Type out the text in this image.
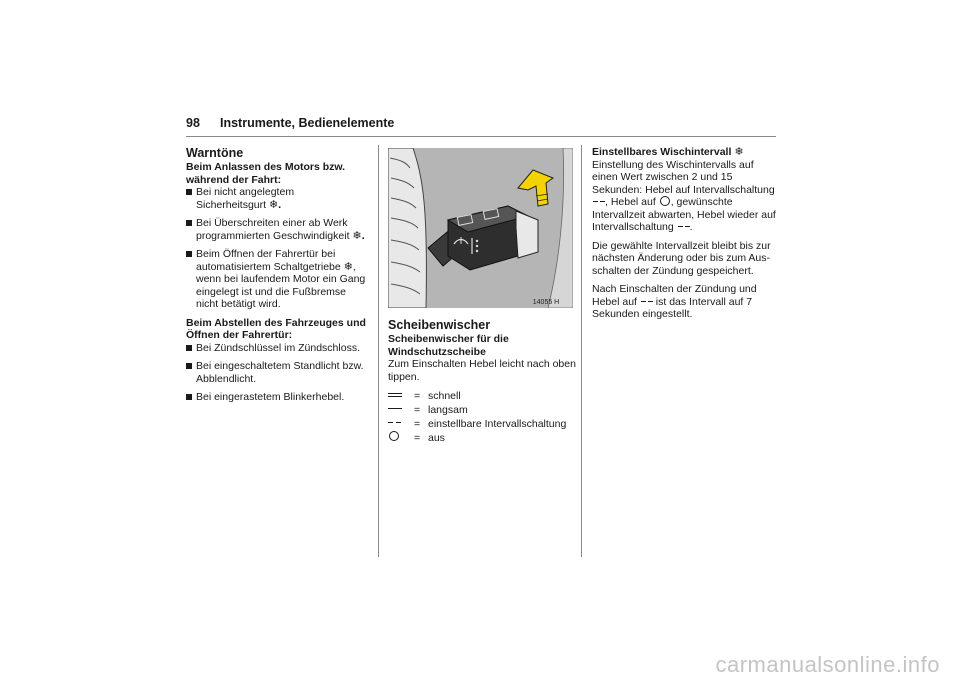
98 Instrumente, Bedienelemente
Warntöne

Beim Anlassen des Motors bzw. während der Fahrt:

Bei nicht angelegtem Sicherheitsgurt ❄.
Bei Überschreiten einer ab Werk programmierten Geschwindigkeit ❄.
Beim Öffnen der Fahrertür bei automatisiertem Schaltgetriebe ❄, wenn bei laufendem Motor ein Gang eingelegt ist und die Fußbremse nicht betätigt wird.

Beim Abstellen des Fahrzeuges und Öffnen der Fahrertür:

Bei Zündschlüssel im Zündschloss.
Bei eingeschaltetem Standlicht bzw. Abblendlicht.
Bei eingerastetem Blinkerhebel.
14055 H
Scheibenwischer

Scheibenwischer für die Windschutzscheibe

Zum Einschalten Hebel leicht nach oben tippen.

= schnell
= langsam
= einstellbare Intervallschaltung
= aus

Einstellbares Wischintervall ❄

Einstellung des Wischintervalls auf einen Wert zwischen 2 und 15 Sekunden: Hebel auf Intervallschaltung , Hebel auf , gewünschte Intervallzeit abwarten, Hebel wieder auf Intervallschaltung .

Die gewählte Intervallzeit bleibt bis zur nächsten Änderung oder bis zum Ausschalten der Zündung gespeichert.

Nach Einschalten der Zündung und Hebel auf ist das Intervall auf 7 Sekunden eingestellt.

carmanualsonline.info
